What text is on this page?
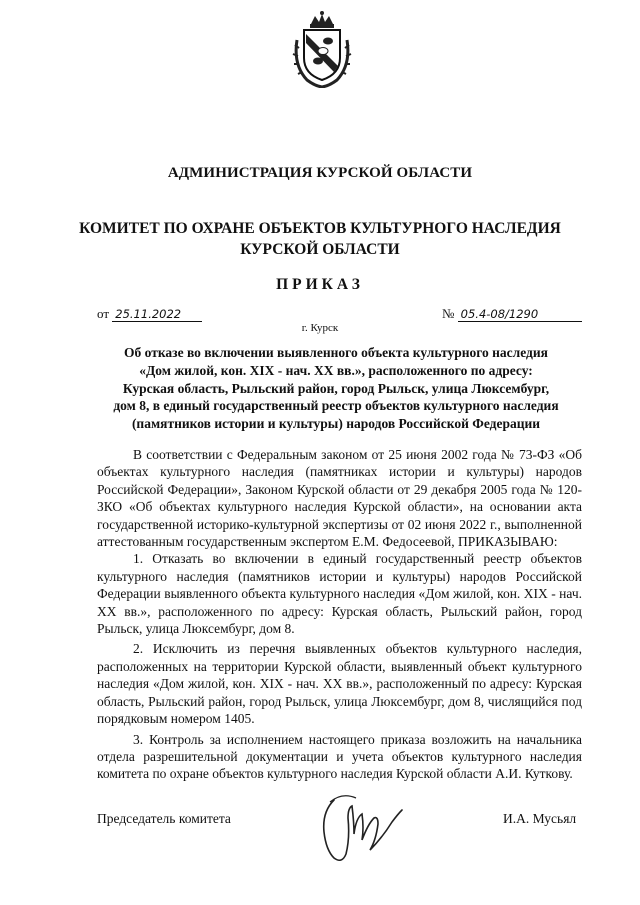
АДМИНИСТРАЦИЯ КУРСКОЙ ОБЛАСТИ
КОМИТЕТ ПО ОХРАНЕ ОБЪЕКТОВ КУЛЬТУРНОГО НАСЛЕДИЯ
КУРСКОЙ ОБЛАСТИ
ПРИКАЗ
от 25.11.2022	№ 05.4-08/1290
г. Курск
Об отказе во включении выявленного объекта культурного наследия
«Дом жилой, кон. XIX - нач. XX вв.», расположенного по адресу:
Курская область, Рыльский район, город Рыльск, улица Люксембург,
дом 8, в единый государственный реестр объектов культурного наследия
(памятников истории и культуры) народов Российской Федерации

В соответствии с Федеральным законом от 25 июня 2002 года № 73-ФЗ «Об объектах культурного наследия (памятниках истории и культуры) народов Российской Федерации», Законом Курской области от 29 декабря 2005 года № 120-ЗКО «Об объектах культурного наследия Курской области», на основании акта государственной историко-культурной экспертизы от 02 июня 2022 г., выполненной аттестованным государственным экспертом Е.М. Федосеевой, ПРИКАЗЫВАЮ:

1. Отказать во включении в единый государственный реестр объектов культурного наследия (памятников истории и культуры) народов Российской Федерации выявленного объекта культурного наследия «Дом жилой, кон. XIX - нач. XX вв.», расположенного по адресу: Курская область, Рыльский район, город Рыльск, улица Люксембург, дом 8.

2. Исключить из перечня выявленных объектов культурного наследия, расположенных на территории Курской области, выявленный объект культурного наследия «Дом жилой, кон. XIX - нач. XX вв.», расположенный по адресу: Курская область, Рыльский район, город Рыльск, улица Люксембург, дом 8, числящийся под порядковым номером 1405.

3. Контроль за исполнением настоящего приказа возложить на начальника отдела разрешительной документации и учета объектов культурного наследия комитета по охране объектов культурного наследия Курской области А.И. Куткову.

Председатель комитета	И.А. Мусьял
